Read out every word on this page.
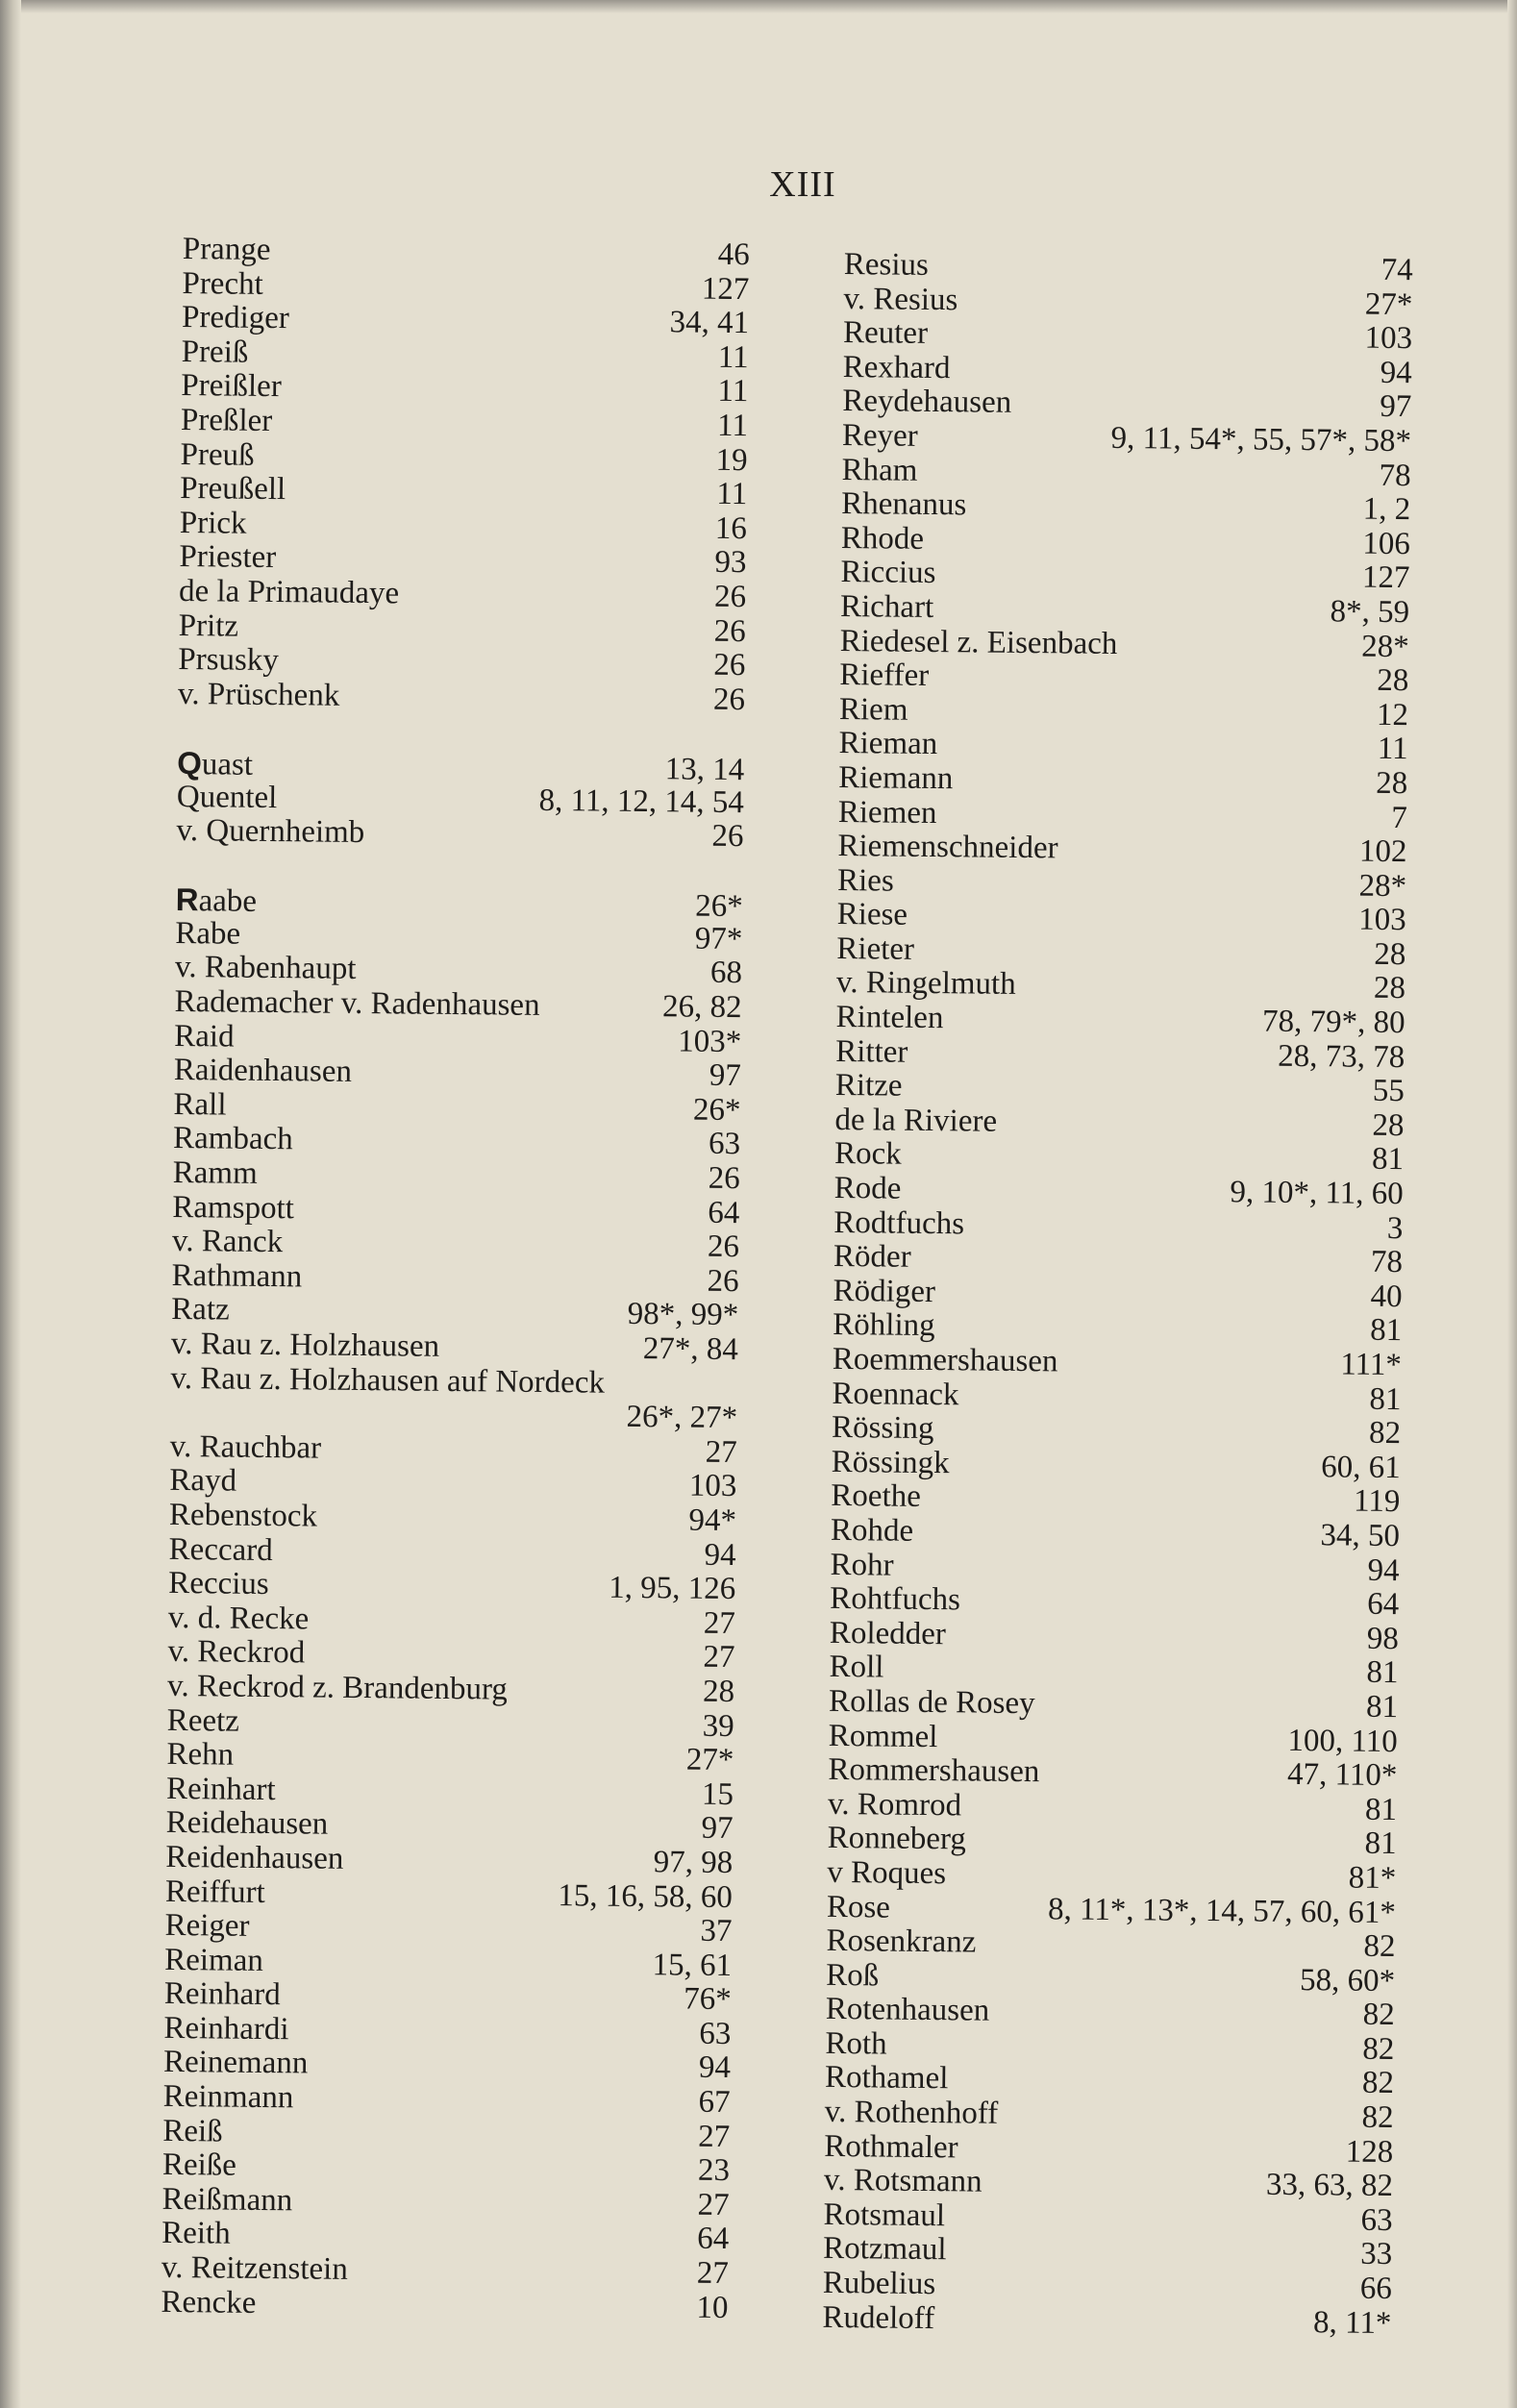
XIII
Prange	46
Precht	127
Prediger	34, 41
Preiß	11
Preißler	11
Preßler	11
Preuß	19
Preußell	11
Prick	16
Priester	93
de la Primaudaye	26
Pritz	26
Prsusky	26
v. Prüschenk	26
Quast	13, 14
Quentel	8, 11, 12, 14, 54
v. Quernheimb	26
Raabe	26*
Rabe	97*
v. Rabenhaupt	68
Rademacher v. Radenhausen	26, 82
Raid	103*
Raidenhausen	97
Rall	26*
Rambach	63
Ramm	26
Ramspott	64
v. Ranck	26
Rathmann	26
Ratz	98*, 99*
v. Rau z. Holzhausen	27*, 84
v. Rau z. Holzhausen auf Nordeck
26*, 27*
v. Rauchbar	27
Rayd	103
Rebenstock	94*
Reccard	94
Reccius	1, 95, 126
v. d. Recke	27
v. Reckrod	27
v. Reckrod z. Brandenburg	28
Reetz	39
Rehn	27*
Reinhart	15
Reidehausen	97
Reidenhausen	97, 98
Reiffurt	15, 16, 58, 60
Reiger	37
Reiman	15, 61
Reinhard	76*
Reinhardi	63
Reinemann	94
Reinmann	67
Reiß	27
Reiße	23
Reißmann	27
Reith	64
v. Reitzenstein	27
Rencke	10
Resius	74
v. Resius	27*
Reuter	103
Rexhard	94
Reydehausen	97
Reyer	9, 11, 54*, 55, 57*, 58*
Rham	78
Rhenanus	1, 2
Rhode	106
Riccius	127
Richart	8*, 59
Riedesel z. Eisenbach	28*
Rieffer	28
Riem	12
Rieman	11
Riemann	28
Riemen	7
Riemenschneider	102
Ries	28*
Riese	103
Rieter	28
v. Ringelmuth	28
Rintelen	78, 79*, 80
Ritter	28, 73, 78
Ritze	55
de la Riviere	28
Rock	81
Rode	9, 10*, 11, 60
Rodtfuchs	3
Röder	78
Rödiger	40
Röhling	81
Roemmershausen	111*
Roennack	81
Rössing	82
Rössingk	60, 61
Roethe	119
Rohde	34, 50
Rohr	94
Rohtfuchs	64
Roledder	98
Roll	81
Rollas de Rosey	81
Rommel	100, 110
Rommershausen	47, 110*
v. Romrod	81
Ronneberg	81
v Roques	81*
Rose	8, 11*, 13*, 14, 57, 60, 61*
Rosenkranz	82
Roß	58, 60*
Rotenhausen	82
Roth	82
Rothamel	82
v. Rothenhoff	82
Rothmaler	128
v. Rotsmann	33, 63, 82
Rotsmaul	63
Rotzmaul	33
Rubelius	66
Rudeloff	8, 11*
